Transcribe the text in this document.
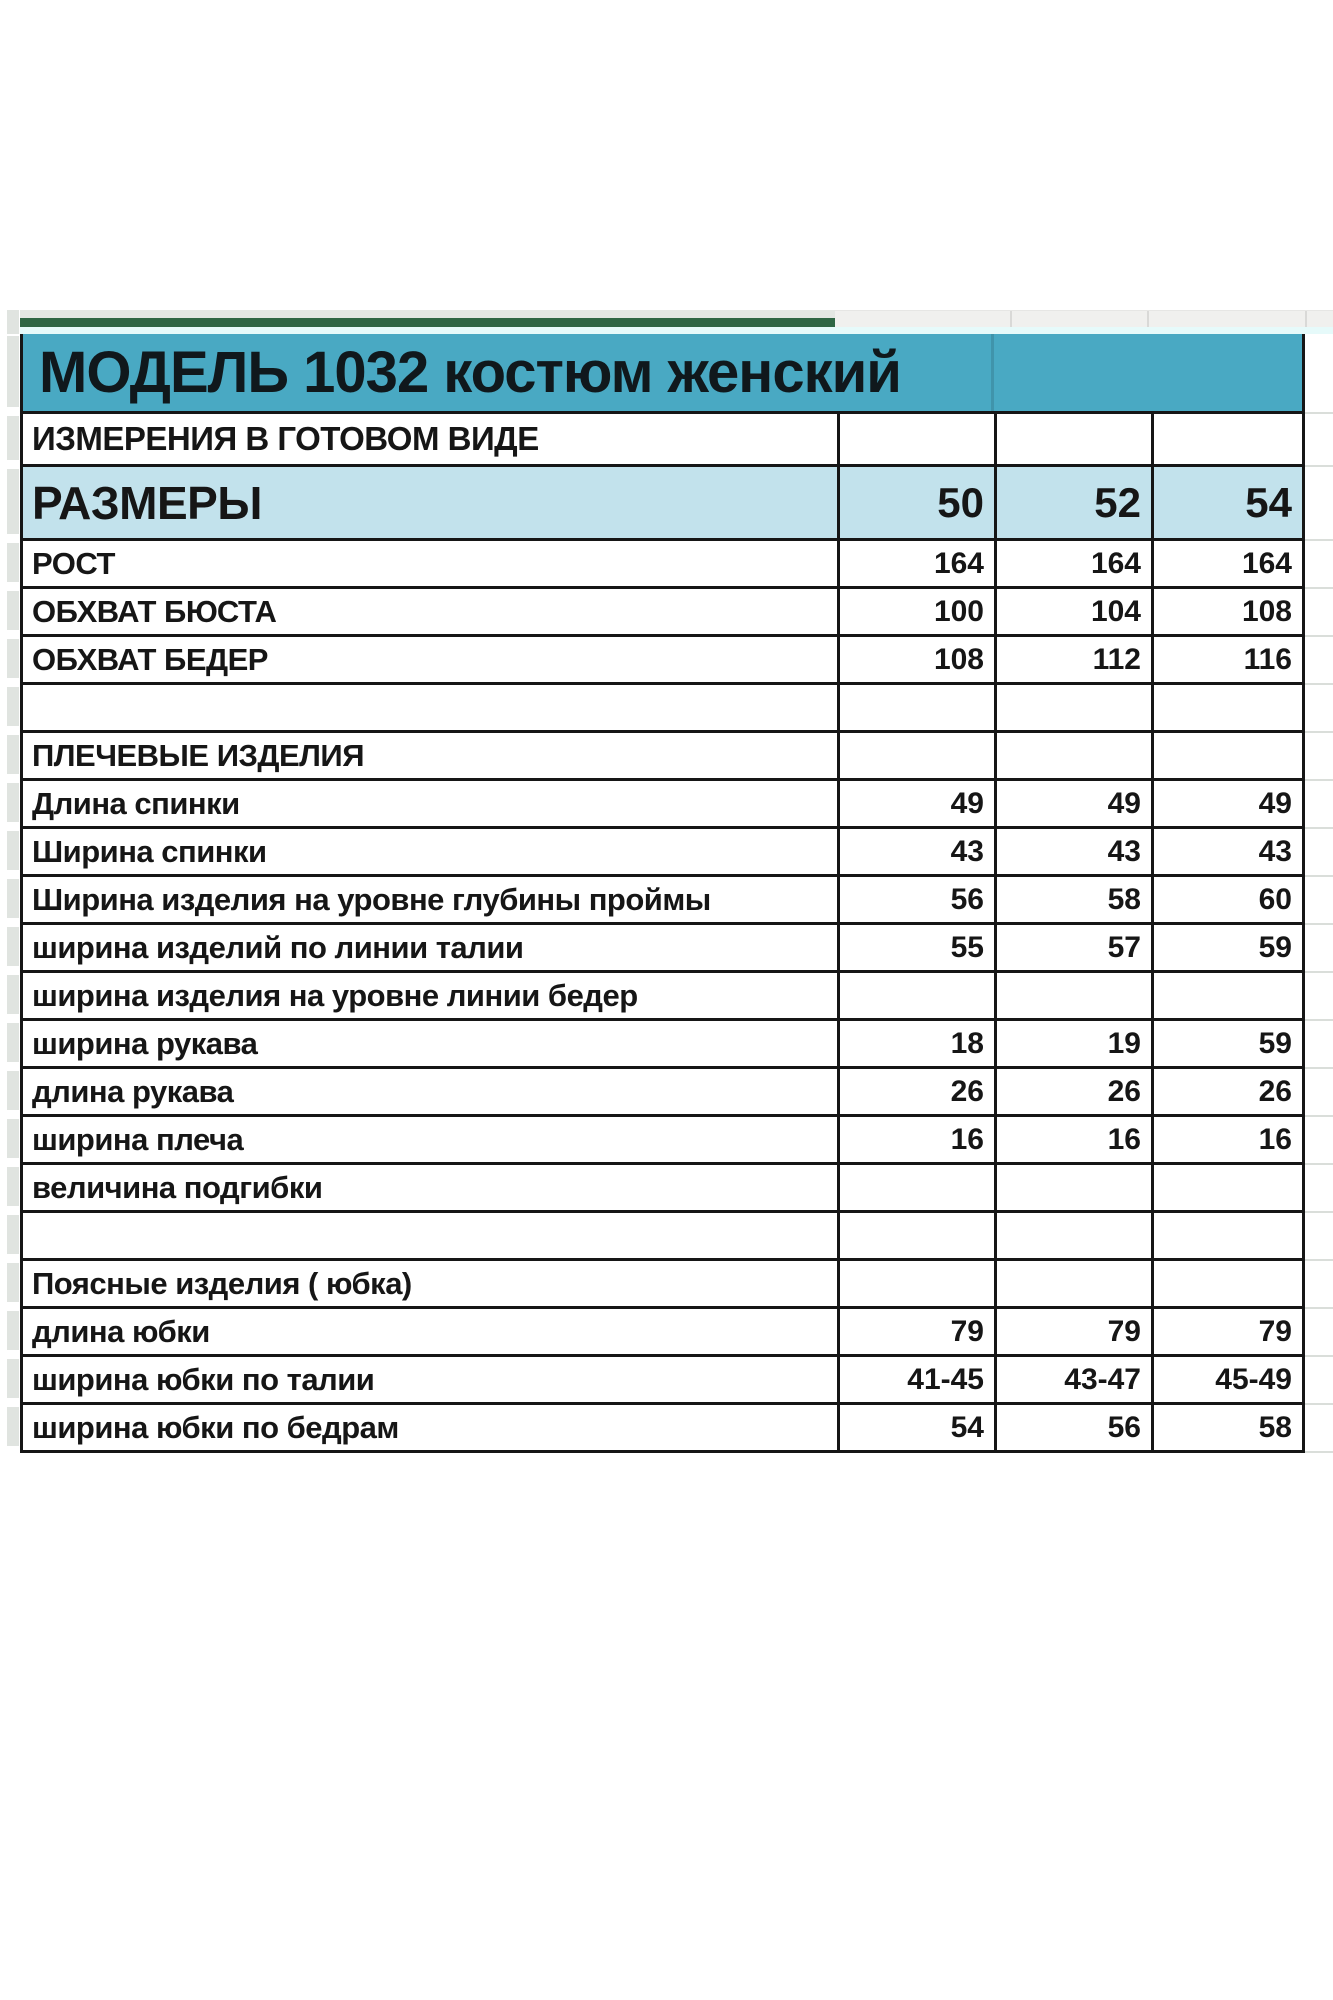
МОДЕЛЬ 1032 костюм женский
ИЗМЕРЕНИЯ В ГОТОВОМ ВИДЕ
РАЗМЕРЫ	50	52	54
РОСТ	164	164	164
ОБХВАТ БЮСТА	100	104	108
ОБХВАТ БЕДЕР	108	112	116
ПЛЕЧЕВЫЕ ИЗДЕЛИЯ
Длина спинки	49	49	49
Ширина спинки	43	43	43
Ширина изделия на уровне глубины проймы	56	58	60
ширина изделий по линии талии	55	57	59
ширина изделия на уровне линии бедер
ширина рукава	18	19	59
длина рукава	26	26	26
ширина плеча	16	16	16
величина подгибки
Поясные изделия ( юбка)
длина юбки	79	79	79
ширина юбки по талии	41-45	43-47	45-49
ширина юбки по бедрам	54	56	58
